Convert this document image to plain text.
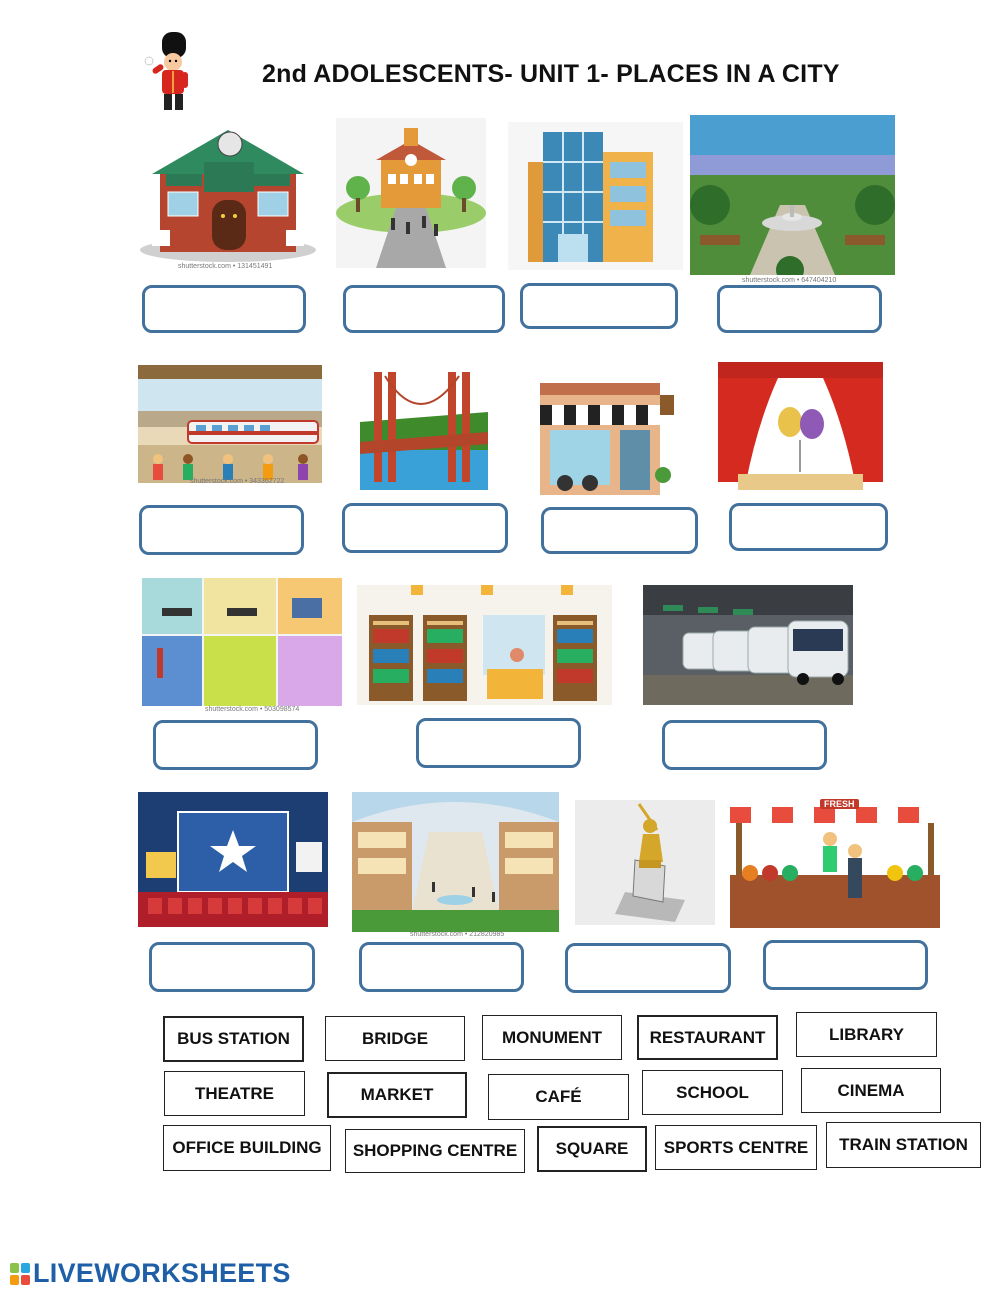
2nd ADOLESCENTS- UNIT 1- PLACES IN A CITY
shutterstock.com • 131451491
shutterstock.com • 647404210
shutterstock.com • 343362722
shutterstock.com • 503098574
shutterstock.com • 212820985
FRESH
BUS STATION	BRIDGE	MONUMENT	RESTAURANT	LIBRARY
THEATRE	MARKET	CAFÉ	SCHOOL	CINEMA
OFFICE BUILDING	SHOPPING CENTRE	SQUARE	SPORTS CENTRE	TRAIN STATION
LIVEWORKSHEETS
